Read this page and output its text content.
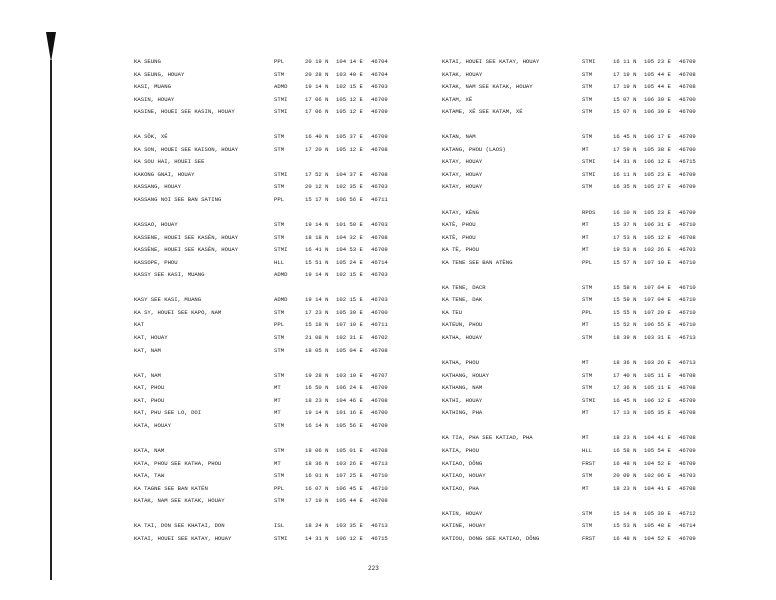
KA SEUNG	PPL	20 19 N 104 14 E 46704
KA SEUNG, HOUAY	STM	20 28 N 103 40 E 46704
KASI, MUANG	ADMD	19 14 N 102 15 E 46703
KASIN, HOUAY	STMI	17 06 N 105 12 E 46709
KASINE, HOUEI SEE KASIN, HOUAY	STMI	17 06 N 105 12 E 46709
KA SÔK, XÉ	STM	16 40 N 105 37 E 46709
KA SON, HOUEI SEE KAISON, HOUAY	STM	17 20 N 105 12 E 46708
KA SOU HAI, HOUEI SEE
KAKONG GNAI, HOUAY	STMI	17 52 N 104 37 E 46708
KASSANG, HOUAY	STM	20 12 N 102 35 E 46703
KASSANG NOI SEE BAN SATING	PPL	15 17 N 106 56 E 46711
KASSAO, HOUAY	STM	19 14 N 101 50 E 46703
KASSENE, HOUEI SEE KASÉN, HOUAY	STM	18 18 N 104 32 E 46708
KASSÈNE, HOUEI SEE KASÈN, HOUAY	STMI	16 41 N 104 53 E 46709
KASSOPE, PHOU	HLL	15 51 N 105 24 E 46714
KASSY SEE KASI, MUANG	ADMD	19 14 N 102 15 E 46703
KASY SEE KASI, MUANG	ADMD	19 14 N 102 15 E 46703
KA SY, HOUEI SEE KAPO, NAM	STM	17 23 N 105 39 E 46700
KAT	PPL	15 18 N 107 10 E 46711
KAT, HOUAY	STM	21 08 N 102 31 E 46702
KAT, NAM	STM	18 05 N 105 04 E 46708
KAT, NAM	STM	19 28 N 103 10 E 46707
KAT, PHOU	MT	16 50 N 106 24 E 46709
KAT, PHOU	MT	18 23 N 104 46 E 46708
KAT, PHU SEE LO, DOI	MT	19 14 N 101 16 E 46700
KATA, HOUAY	STM	16 14 N 105 56 E 46709
KATA, NAM	STM	18 06 N 105 01 E 46708
KATA, PHOU SEE KATHA, PHOU	MT	18 36 N 103 26 E 46713
KATA, TAW	STM	16 01 N 107 25 E 46710
KA TAGNE SEE BAN KATÉN	PPL	16 07 N 106 45 E 46710
KATAK, NAM SEE KATAK, HOUAY	STM	17 19 N 105 44 E 46708
KA TAI, DON SEE KHATAI, DON	ISL	18 24 N 103 35 E 46713
KATAI, HOUEI SEE KATAY, HOUAY	STMI	14 31 N 106 12 E 46715
KATAI, HOUEI SEE KATAY, HOUAY	STMI	16 11 N 105 23 E 46709
KATAK, HOUAY	STM	17 19 N 105 44 E 46708
KATAK, NAM SEE KATAK, HOUAY	STM	17 19 N 105 44 E 46708
KATAM, XÉ	STM	15 07 N 106 39 E 46700
KATAME, XÉ SEE KATAM, XÉ	STM	15 07 N 106 39 E 46700
KATAN, NAM	STM	16 45 N 106 17 E 46709
KATANG, PHOU (LAOS)	MT	17 59 N 105 38 E 46700
KATAY, HOUAY	STMI	14 31 N 106 12 E 46715
KATAY, HOUAY	STMI	16 11 N 105 23 E 46709
KATAY, HOUAY	STM	16 35 N 105 27 E 46709
KATAY, KÈNG	RPDS	16 10 N 105 23 E 46709
KATÈ, PHOU	MT	15 37 N 106 31 E 46710
KATÈ, PHOU	MT	17 53 N 105 12 E 46708
KA TÈ, PHOU	MT	19 53 N 102 26 E 46703
KA TENE SEE BAN ATÈNG	PPL	15 57 N 107 10 E 46710
KA TENE, DACR	STM	15 58 N 107 04 E 46710
KA TENE, DAK	STM	15 59 N 107 04 E 46710
KA TEU	PPL	15 55 N 107 20 E 46710
KATEUN, PHOU	MT	15 52 N 106 55 E 46710
KATHA, HOUAY	STM	18 39 N 103 31 E 46713
KATHA, PHOU	MT	18 36 N 103 26 E 46713
KATHANG, HOUAY	STM	17 40 N 105 11 E 46708
KATHANG, NAM	STM	17 36 N 105 11 E 46708
KATHI, HOUAY	STMI	16 45 N 106 12 E 46709
KATHING, PHA	MT	17 13 N 105 35 E 46708
KA TIA, PHA SEE KATIAO, PHA	MT	18 23 N 104 41 E 46708
KATIA, PHOU	HLL	16 58 N 105 54 E 46709
KATIAO, DÔNG	FRST	16 48 N 104 52 E 46709
KATIAO, HOUAY	STM	20 09 N 102 06 E 46703
KATIAO, PHA	MT	18 23 N 104 41 E 46708
KATIN, HOUAY	STM	15 14 N 105 39 E 46712
KATINE, HOUAY	STM	15 53 N 105 48 E 46714
KATIOU, DONG SEE KATIAO, DÔNG	FRST	16 48 N 104 52 E 46709
223
